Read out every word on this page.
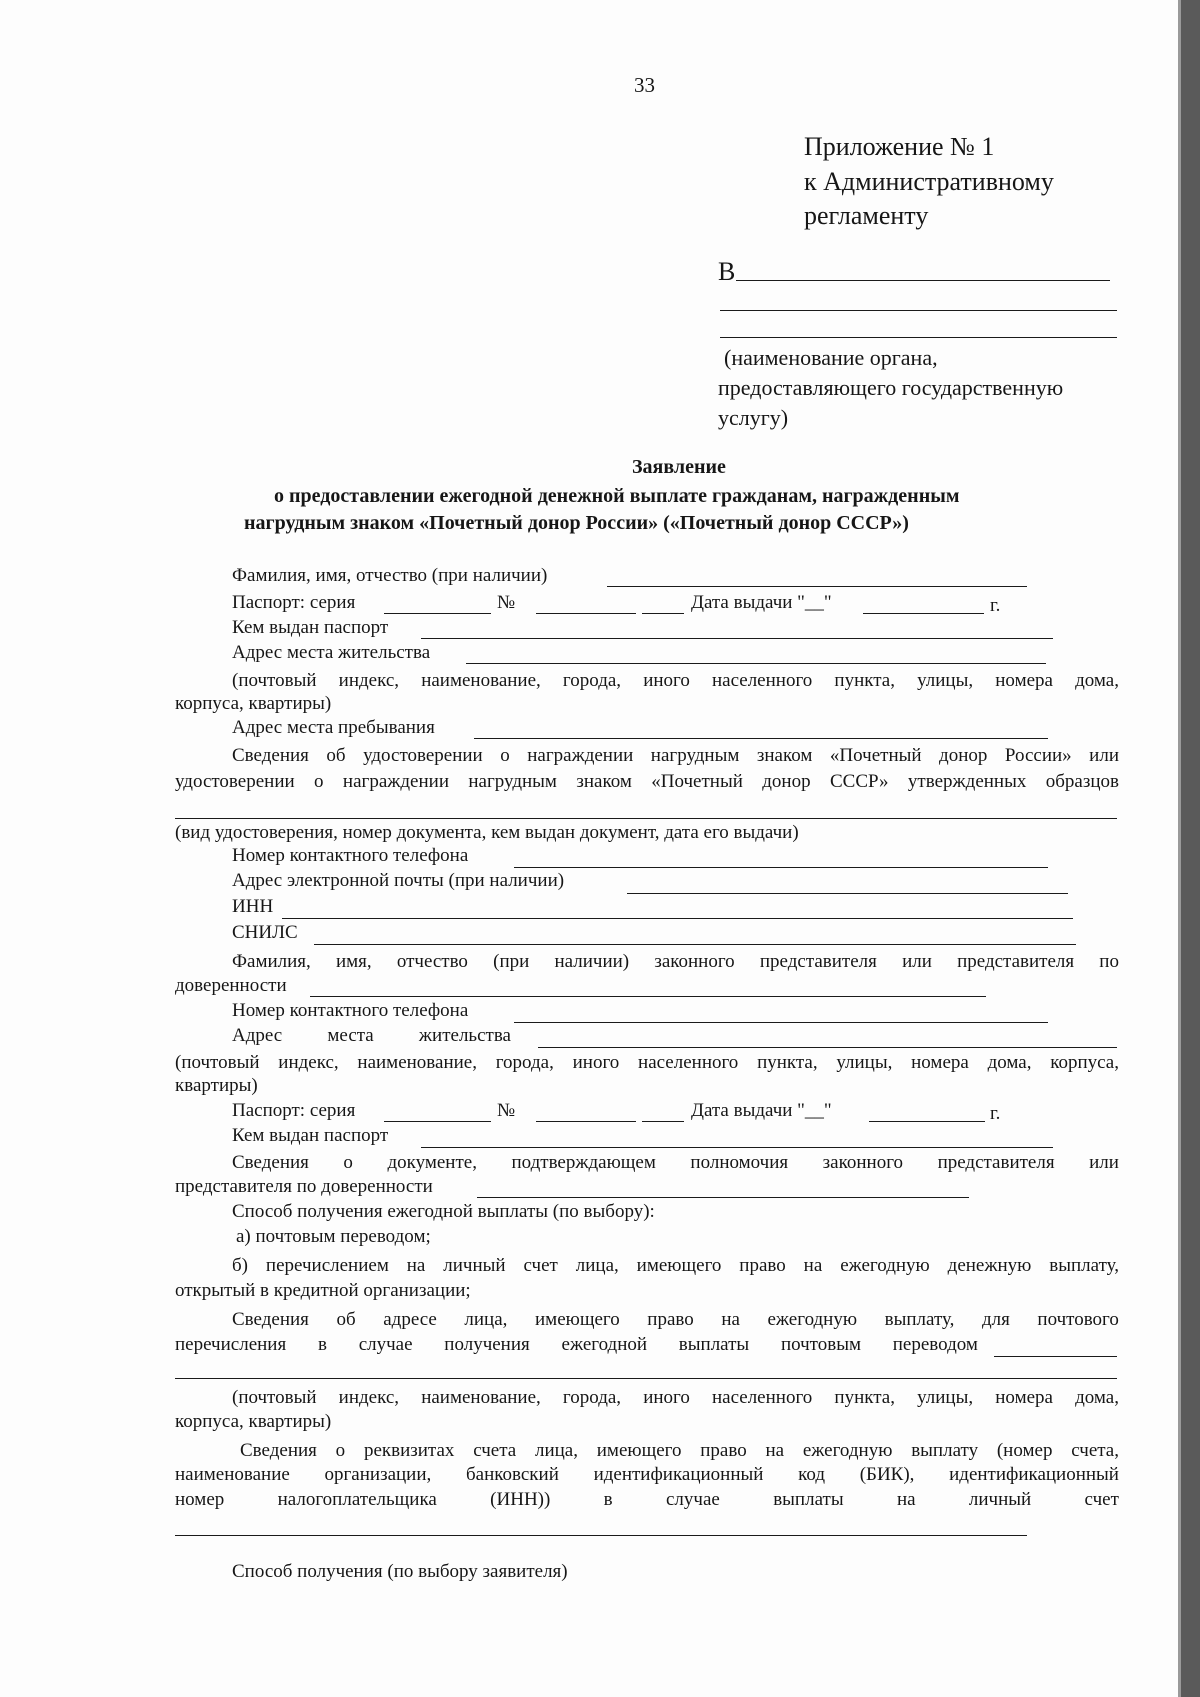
33
Приложение № 1
к Административному
регламенту
В
(наименование органа,
предоставляющего государственную
услугу)
Заявление
о предоставлении ежегодной денежной выплате гражданам, награжденным
нагрудным знаком «Почетный донор России» («Почетный донор СССР»)
Фамилия, имя, отчество (при наличии)
Паспорт: серия	№	Дата выдачи "__"	г.
Кем выдан паспорт
Адрес места жительства
(почтовый индекс, наименование, города, иного населенного пункта, улицы, номера дома,
корпуса, квартиры)
Адрес места пребывания
Сведения об удостоверении о награждении нагрудным знаком «Почетный донор России» или
удостоверении о награждении нагрудным знаком «Почетный донор СССР» утвержденных образцов
(вид удостоверения, номер документа, кем выдан документ, дата его выдачи)
Номер контактного телефона
Адрес электронной почты (при наличии)
ИНН
СНИЛС
Фамилия, имя, отчество (при наличии) законного представителя или представителя по
доверенности
Номер контактного телефона
Адрес места жительства
(почтовый индекс, наименование, города, иного населенного пункта, улицы, номера дома, корпуса,
квартиры)
Паспорт: серия	№	Дата выдачи "__"	г.
Кем выдан паспорт
Сведения о документе, подтверждающем полномочия законного представителя или
представителя по доверенности
Способ получения ежегодной выплаты (по выбору):
а) почтовым переводом;
б) перечислением на личный счет лица, имеющего право на ежегодную денежную выплату,
открытый в кредитной организации;
Сведения об адресе лица, имеющего право на ежегодную выплату, для почтового
перечисления в случае получения ежегодной выплаты почтовым переводом
(почтовый индекс, наименование, города, иного населенного пункта, улицы, номера дома,
корпуса, квартиры)
Сведения о реквизитах счета лица, имеющего право на ежегодную выплату (номер счета,
наименование организации, банковский идентификационный код (БИК), идентификационный
номер	налогоплательщика	(ИНН))	в	случае	выплаты	на	личный	счет
Способ получения (по выбору заявителя)
